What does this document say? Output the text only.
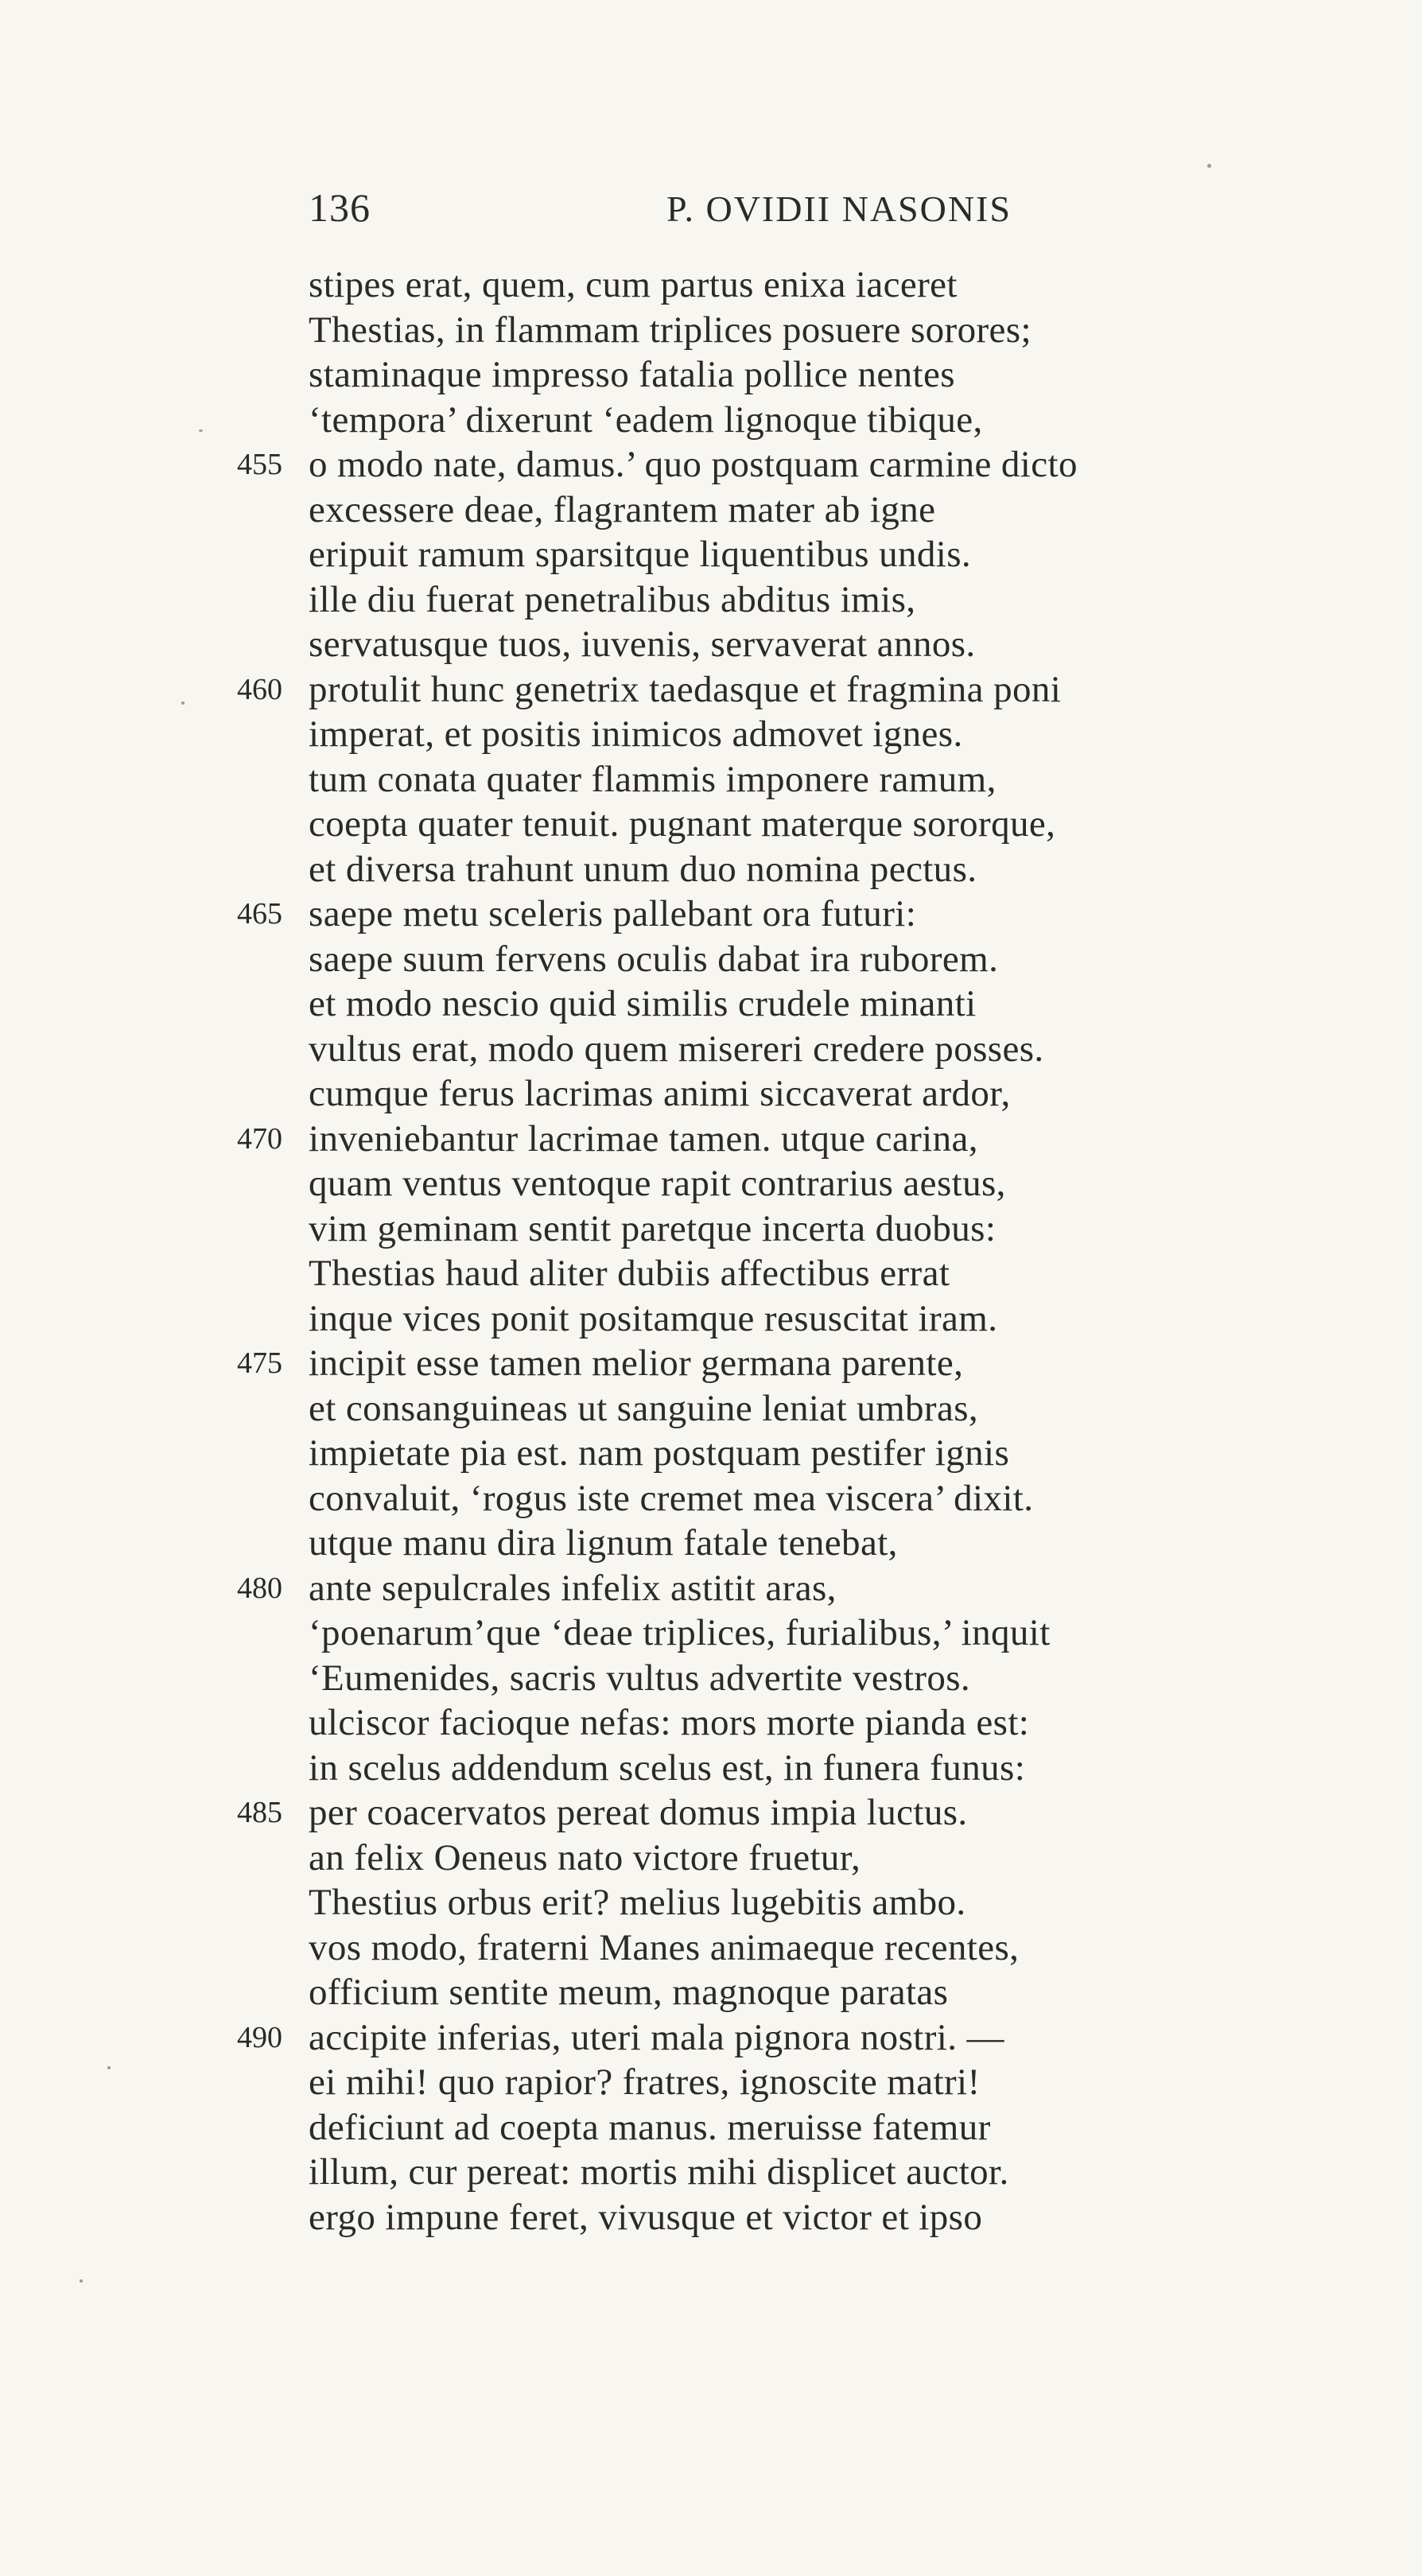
136	P. OVIDII NASONIS
stipes erat, quem, cum partus enixa iaceret
Thestias, in flammam triplices posuere sorores;
staminaque impresso fatalia pollice nentes
‘tempora’ dixerunt ‘eadem lignoque tibique,
455 o modo nate, damus.’ quo postquam carmine dicto
excessere deae, flagrantem mater ab igne
eripuit ramum sparsitque liquentibus undis.
ille diu fuerat penetralibus abditus imis,
servatusque tuos, iuvenis, servaverat annos.
460 protulit hunc genetrix taedasque et fragmina poni
imperat, et positis inimicos admovet ignes.
tum conata quater flammis imponere ramum,
coepta quater tenuit. pugnant materque sororque,
et diversa trahunt unum duo nomina pectus.
465 saepe metu sceleris pallebant ora futuri:
saepe suum fervens oculis dabat ira ruborem.
et modo nescio quid similis crudele minanti
vultus erat, modo quem misereri credere posses.
cumque ferus lacrimas animi siccaverat ardor,
470 inveniebantur lacrimae tamen. utque carina,
quam ventus ventoque rapit contrarius aestus,
vim geminam sentit paretque incerta duobus:
Thestias haud aliter dubiis affectibus errat
inque vices ponit positamque resuscitat iram.
475 incipit esse tamen melior germana parente,
et consanguineas ut sanguine leniat umbras,
impietate pia est. nam postquam pestifer ignis
convaluit, ‘rogus iste cremet mea viscera’ dixit.
utque manu dira lignum fatale tenebat,
480 ante sepulcrales infelix astitit aras,
‘poenarum’que ‘deae triplices, furialibus,’ inquit
‘Eumenides, sacris vultus advertite vestros.
ulciscor facioque nefas: mors morte pianda est:
in scelus addendum scelus est, in funera funus:
485 per coacervatos pereat domus impia luctus.
an felix Oeneus nato victore fruetur,
Thestius orbus erit? melius lugebitis ambo.
vos modo, fraterni Manes animaeque recentes,
officium sentite meum, magnoque paratas
490 accipite inferias, uteri mala pignora nostri. —
ei mihi! quo rapior? fratres, ignoscite matri!
deficiunt ad coepta manus. meruisse fatemur
illum, cur pereat: mortis mihi displicet auctor.
ergo impune feret, vivusque et victor et ipso
